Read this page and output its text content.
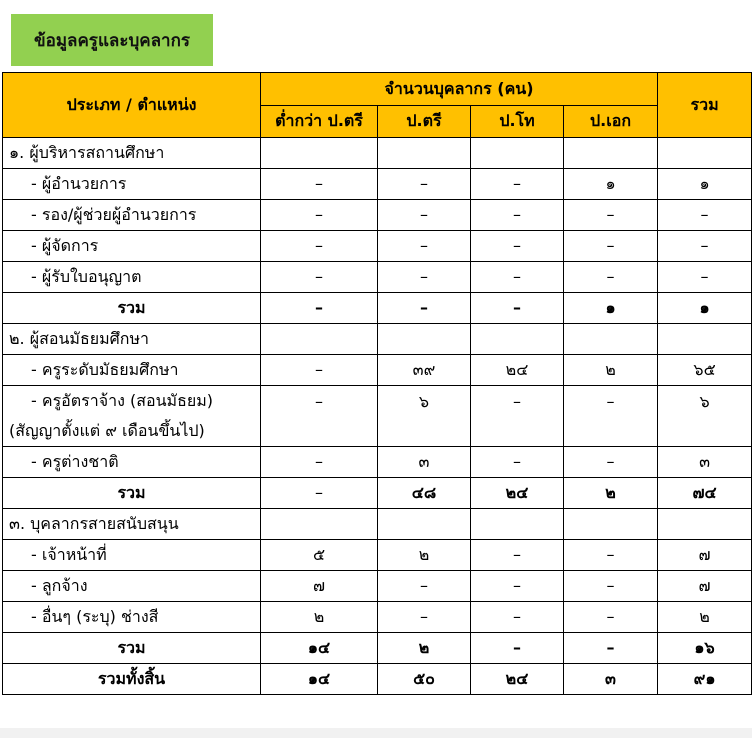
ข้อมูลครูและบุคลากร
ประเภท / ตำแหน่ง	จำนวนบุคลากร (คน)				รวม
	ต่ำกว่า ป.ตรี	ป.ตรี	ป.โท	ป.เอก	
๑. ผู้บริหารสถานศึกษา					
- ผู้อำนวยการ	–	–	–	๑	๑
- รอง/ผู้ช่วยผู้อำนวยการ	–	–	–	–	–
- ผู้จัดการ	–	–	–	–	–
- ผู้รับใบอนุญาต	–	–	–	–	–
รวม	–	–	–	๑	๑
๒. ผู้สอนมัธยมศึกษา					
- ครูระดับมัธยมศึกษา	–	๓๙	๒๔	๒	๖๕

- ครูอัตราจ้าง (สอนมัธยม)
(สัญญาตั้งแต่ ๙ เดือนขึ้นไป)	–	๖	–	–	๖
- ครูต่างชาติ	–	๓	–	–	๓
รวม	–	๔๘	๒๔	๒	๗๔
๓. บุคลากรสายสนับสนุน					
- เจ้าหน้าที่	๕	๒	–	–	๗
- ลูกจ้าง	๗	–	–	–	๗
- อื่นๆ (ระบุ) ช่างสี	๒	–	–	–	๒
รวม	๑๔	๒	–	–	๑๖
รวมทั้งสิ้น	๑๔	๕๐	๒๔	๓	๙๑
